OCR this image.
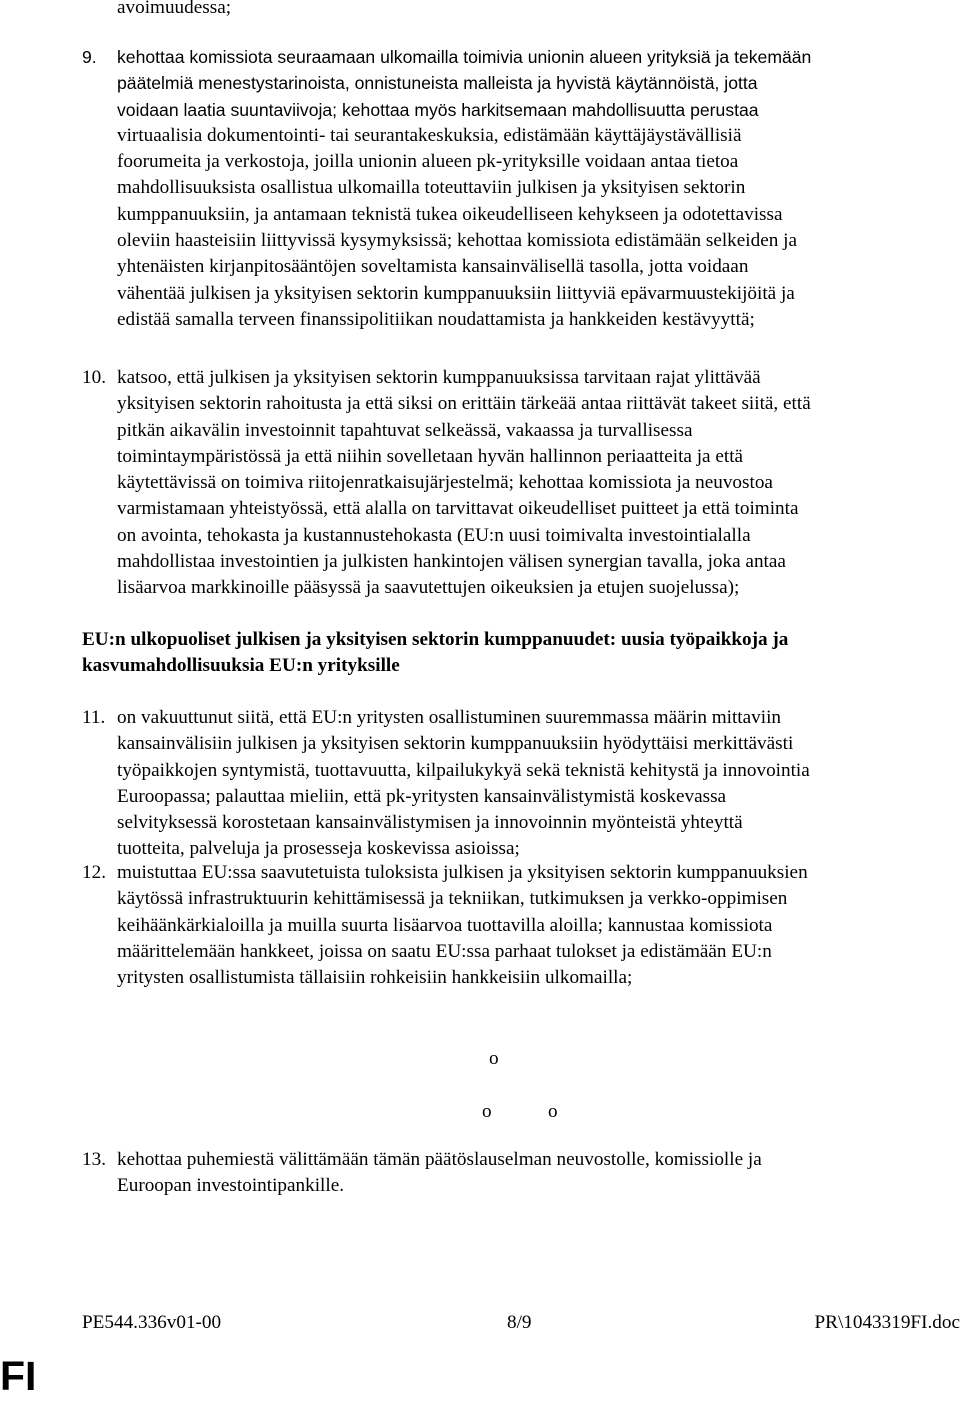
avoimuudessa;
9.	kehottaa komissiota seuraamaan ulkomailla toimivia unionin alueen yrityksiä ja tekemään
päätelmiä menestystarinoista, onnistuneista malleista ja hyvistä käytännöistä, jotta
voidaan laatia suuntaviivoja; kehottaa myös harkitsemaan mahdollisuutta perustaa
virtuaalisia dokumentointi- tai seurantakeskuksia, edistämään käyttäjäystävällisiä
foorumeita ja verkostoja, joilla unionin alueen pk-yrityksille voidaan antaa tietoa
mahdollisuuksista osallistua ulkomailla toteuttaviin julkisen ja yksityisen sektorin
kumppanuuksiin, ja antamaan teknistä tukea oikeudelliseen kehykseen ja odotettavissa
oleviin haasteisiin liittyvissä kysymyksissä; kehottaa komissiota edistämään selkeiden ja
yhtenäisten kirjanpitosääntöjen soveltamista kansainvälisellä tasolla, jotta voidaan
vähentää julkisen ja yksityisen sektorin kumppanuuksiin liittyviä epävarmuustekijöitä ja
edistää samalla terveen finanssipolitiikan noudattamista ja hankkeiden kestävyyttä;
10. katsoo, että julkisen ja yksityisen sektorin kumppanuuksissa tarvitaan rajat ylittävää
yksityisen sektorin rahoitusta ja että siksi on erittäin tärkeää antaa riittävät takeet siitä, että
pitkän aikavälin investoinnit tapahtuvat selkeässä, vakaassa ja turvallisessa
toimintaympäristössä ja että niihin sovelletaan hyvän hallinnon periaatteita ja että
käytettävissä on toimiva riitojenratkaisujärjestelmä; kehottaa komissiota ja neuvostoa
varmistamaan yhteistyössä, että alalla on tarvittavat oikeudelliset puitteet ja että toiminta
on avointa, tehokasta ja kustannustehokasta (EU:n uusi toimivalta investointialalla
mahdollistaa investointien ja julkisten hankintojen välisen synergian tavalla, joka antaa
lisäarvoa markkinoille pääsyssä ja saavutettujen oikeuksien ja etujen suojelussa);
EU:n ulkopuoliset julkisen ja yksityisen sektorin kumppanuudet: uusia työpaikkoja ja
kasvumahdollisuuksia EU:n yrityksille
11. on vakuuttunut siitä, että EU:n yritysten osallistuminen suuremmassa määrin mittaviin
kansainvälisiin julkisen ja yksityisen sektorin kumppanuuksiin hyödyttäisi merkittävästi
työpaikkojen syntymistä, tuottavuutta, kilpailukykyä sekä teknistä kehitystä ja innovointia
Euroopassa; palauttaa mieliin, että pk-yritysten kansainvälistymistä koskevassa
selvityksessä korostetaan kansainvälistymisen ja innovoinnin myönteistä yhteyttä
tuotteita, palveluja ja prosesseja koskevissa asioissa;
12. muistuttaa EU:ssa saavutetuista tuloksista julkisen ja yksityisen sektorin kumppanuuksien
käytössä infrastruktuurin kehittämisessä ja tekniikan, tutkimuksen ja verkko-oppimisen
keihäänkärkialoilla ja muilla suurta lisäarvoa tuottavilla aloilla; kannustaa komissiota
määrittelemään hankkeet, joissa on saatu EU:ssa parhaat tulokset ja edistämään EU:n
yritysten osallistumista tällaisiin rohkeisiin hankkeisiin ulkomailla;
o
o	o
13. kehottaa puhemiestä välittämään tämän päätöslauselman neuvostolle, komissiolle ja
Euroopan investointipankille.
PE544.336v01-00	8/9	PR\1043319FI.doc
FI
